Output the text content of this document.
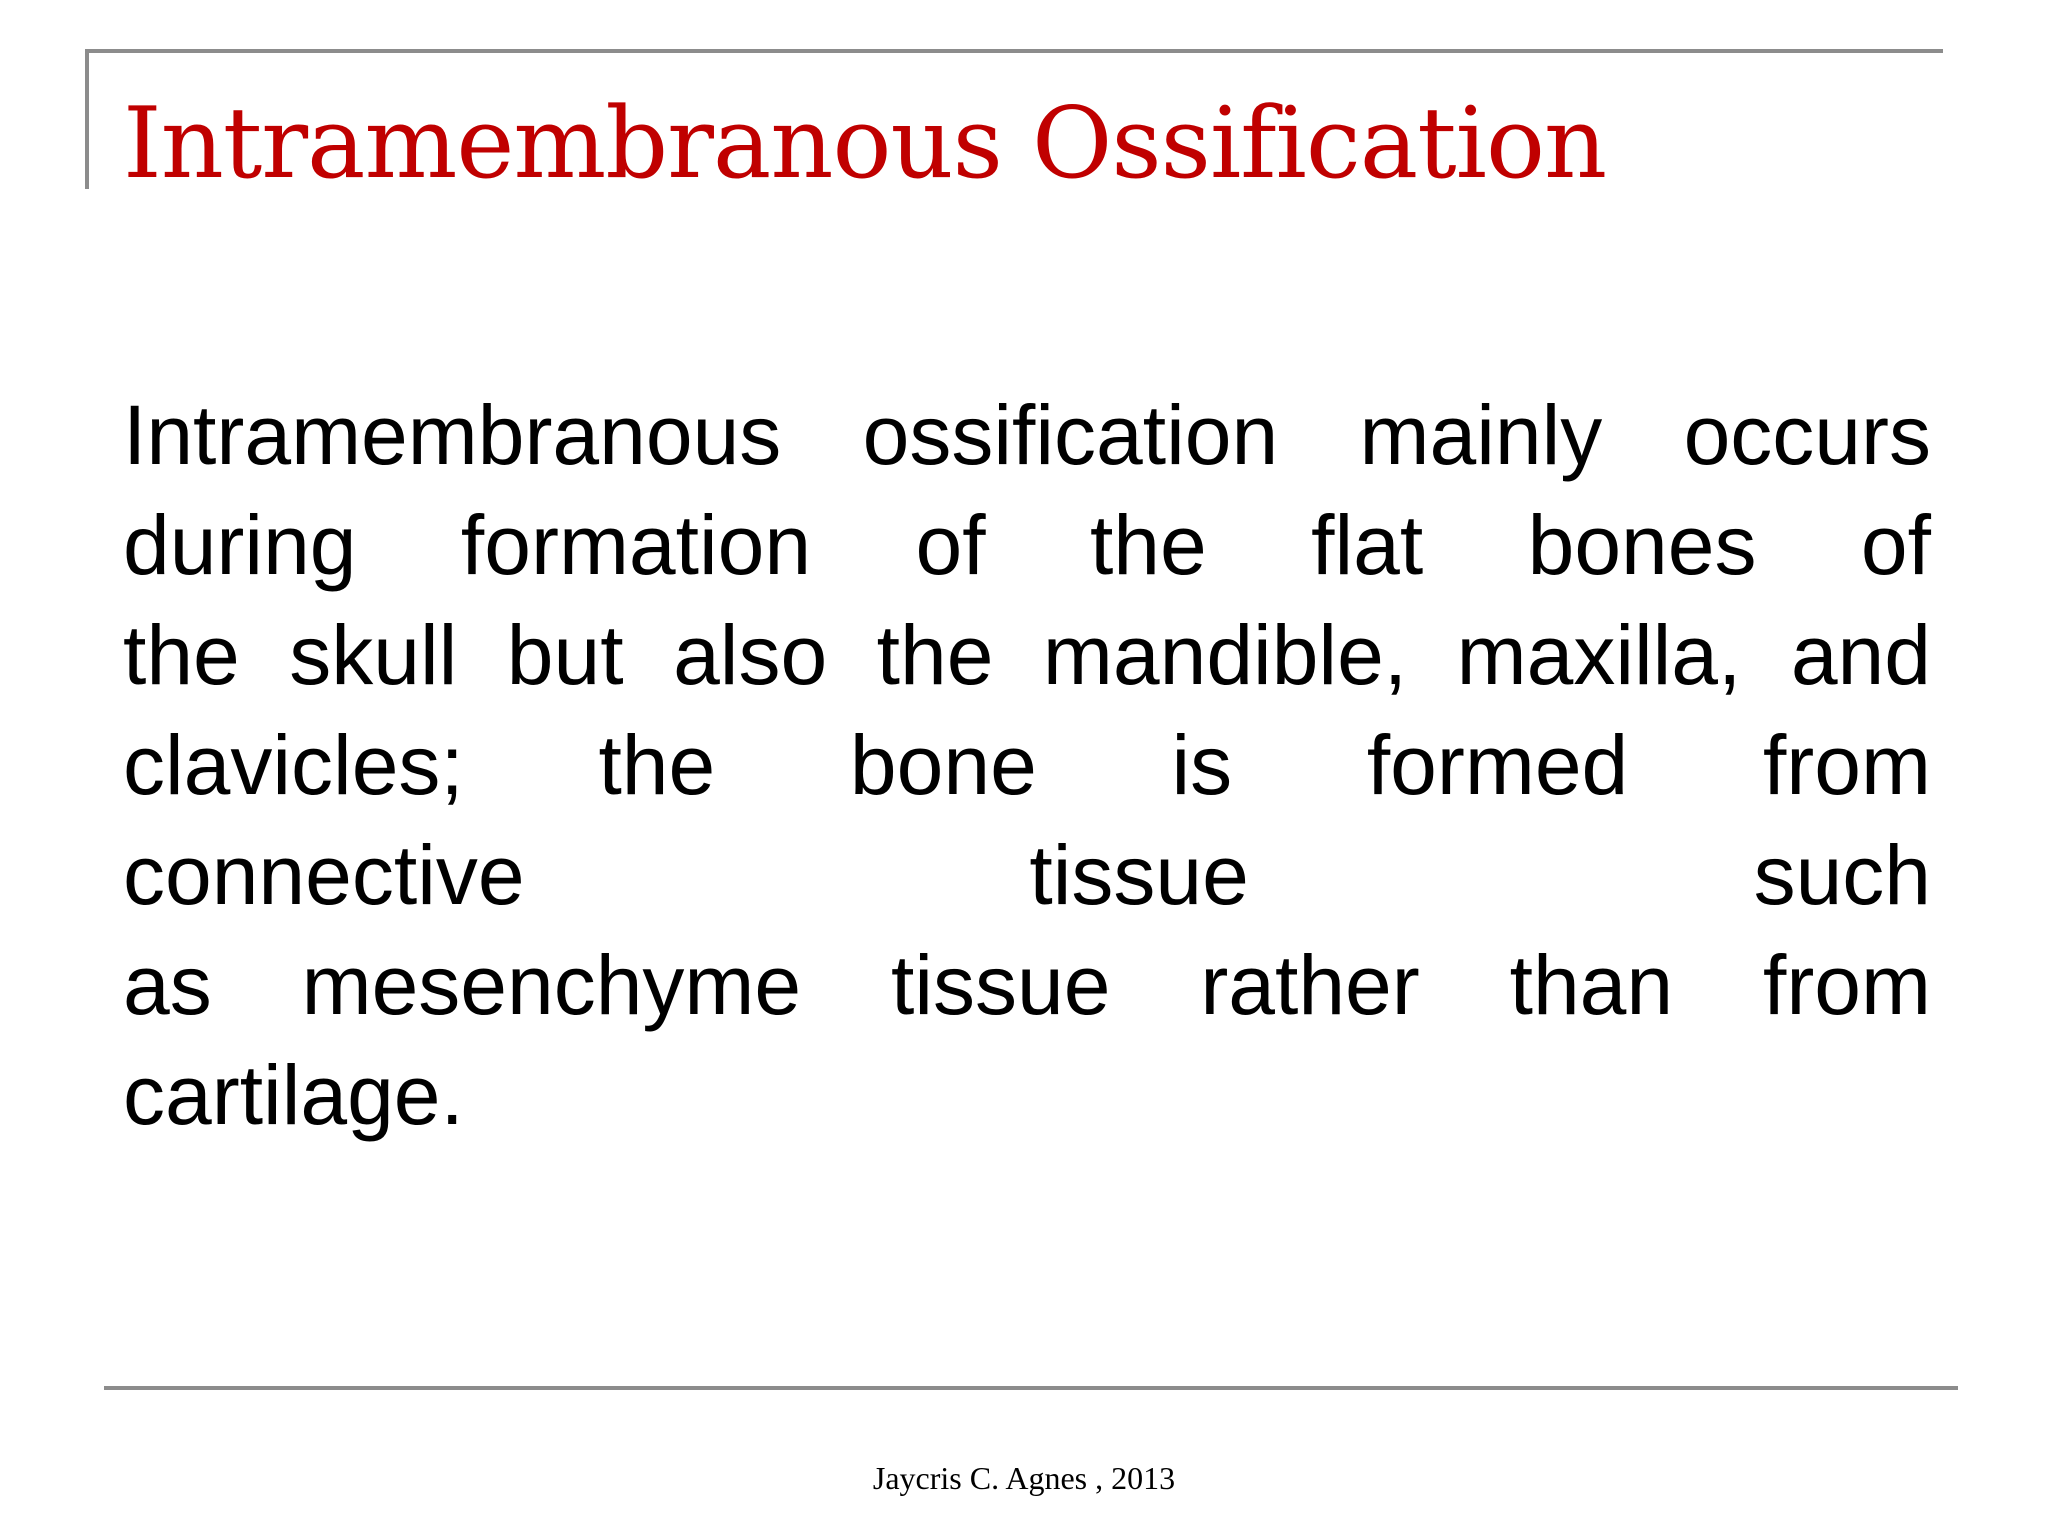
Intramembranous Ossification
Intramembranous ossification mainly occurs
during formation of the flat bones of
the skull but also the mandible, maxilla, and
clavicles; the bone is formed from
connective	tissue	such
as mesenchyme tissue rather than from
cartilage.
Jaycris C. Agnes , 2013
